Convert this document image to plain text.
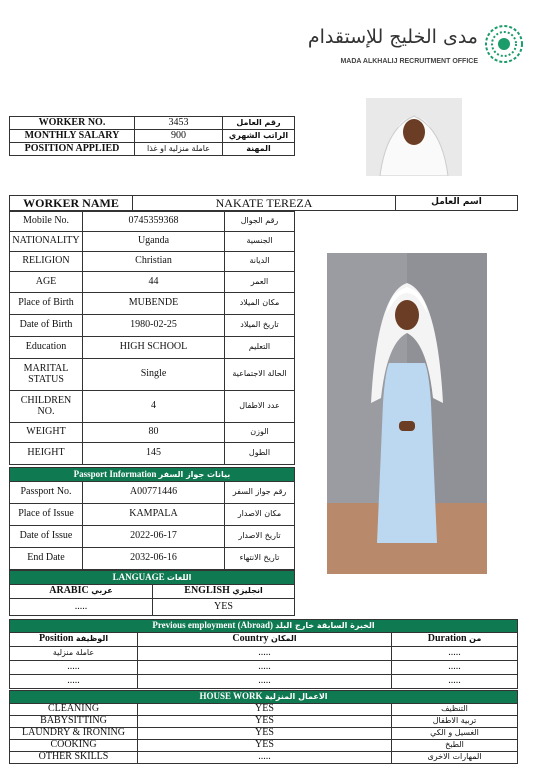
مدى الخليج للإستقدام
MADA ALKHALIJ RECRUITMENT OFFICE
WORKER NO.	3453	رقم العامل
MONTHLY SALARY	900	الراتب الشهري
POSITION APPLIED	عاملة منزلية او غذا	المهنة
WORKER NAME	NAKATE TEREZA	اسم العامل
Mobile No.	0745359368	رقم الجوال
NATIONALITY	Uganda	الجنسية
RELIGION	Christian	الديانة
AGE	44	العمر
Place of Birth	MUBENDE	مكان الميلاد
Date of Birth	1980-02-25	تاريخ الميلاد
Education	HIGH SCHOOL	التعليم
MARITAL STATUS	Single	الحالة الاجتماعية
CHILDREN NO.	4	عدد الاطفال
WEIGHT	80	الوزن
HEIGHT	145	الطول
Passport Information بيانات جواز السفر		
Passport No.	A00771446	رقم جواز السفر
Place of Issue	KAMPALA	مكان الاصدار
Date of Issue	2022-06-17	تاريخ الاصدار
End Date	2032-06-16	تاريخ الانتهاء
LANGUAGE اللغات	
ARABIC عربي	ENGLISH انجليزي
.....	YES
Previous employment (Abroad) الخبرة السابقة خارج البلد		
Position الوظيفة	Country المكان	Duration من
عاملة منزلية	.....	.....
.....	.....	.....
.....	.....	.....
HOUSE WORK الاعمال المنزلية		
CLEANING	YES	التنظيف
BABYSITTING	YES	تربية الاطفال
LAUNDRY & IRONING	YES	الغسيل و الكي
COOKING	YES	الطبخ
OTHER SKILLS	.....	المهارات الاخرى
